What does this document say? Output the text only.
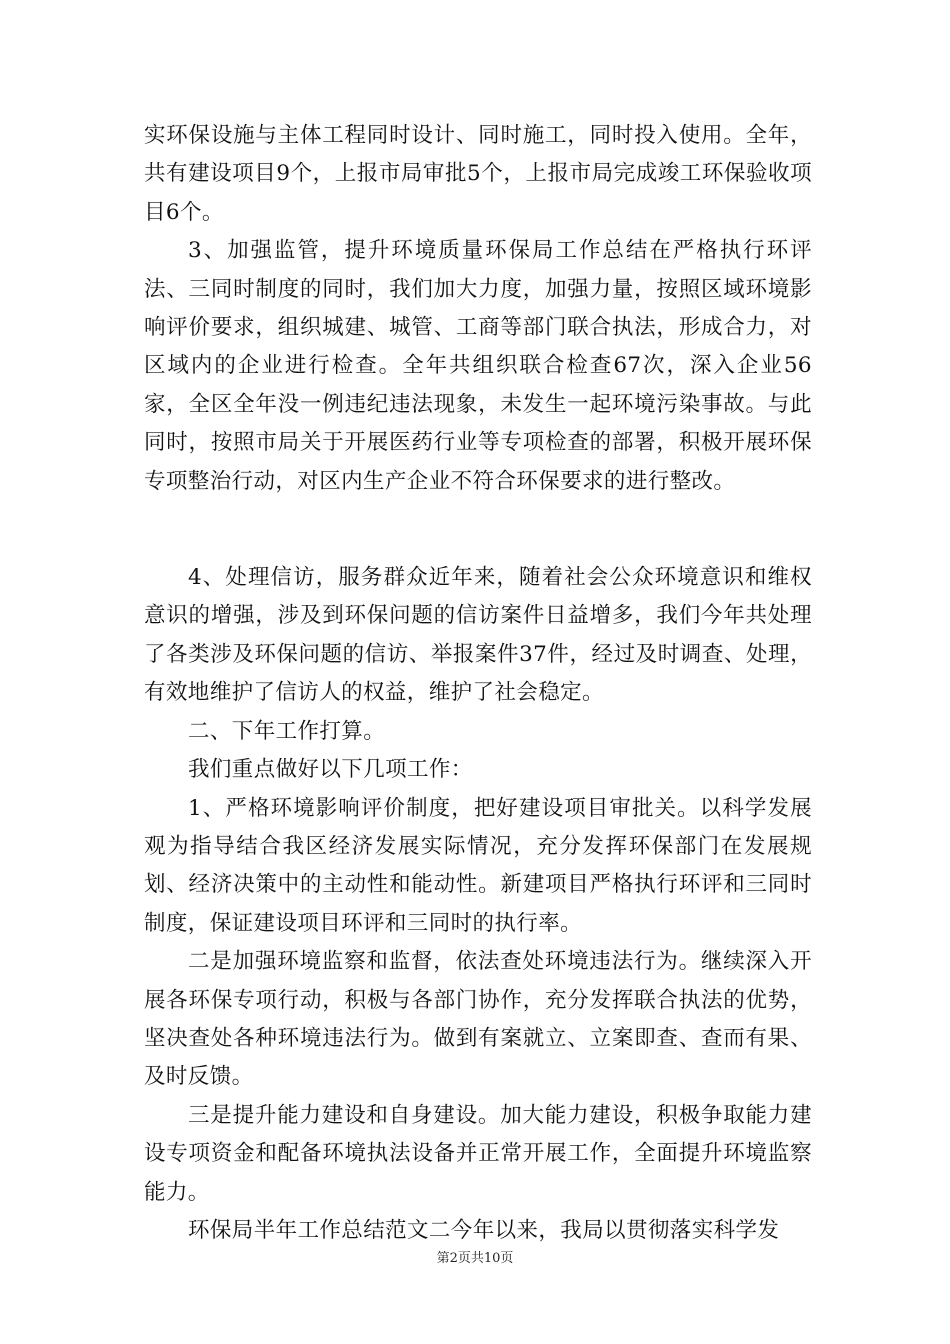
实环保设施与主体工程同时设计、同时施工，同时投入使用。全年，共有建设项目9个，上报市局审批5个，上报市局完成竣工环保验收项目6个。

3、加强监管，提升环境质量环保局工作总结在严格执行环评法、三同时制度的同时，我们加大力度，加强力量，按照区域环境影响评价要求，组织城建、城管、工商等部门联合执法，形成合力，对区域内的企业进行检查。全年共组织联合检查67次，深入企业56家，全区全年没一例违纪违法现象，未发生一起环境污染事故。与此同时，按照市局关于开展医药行业等专项检查的部署，积极开展环保专项整治行动，对区内生产企业不符合环保要求的进行整改。

4、处理信访，服务群众近年来，随着社会公众环境意识和维权意识的增强，涉及到环保问题的信访案件日益增多，我们今年共处理了各类涉及环保问题的信访、举报案件37件，经过及时调查、处理，有效地维护了信访人的权益，维护了社会稳定。

二、下年工作打算。

我们重点做好以下几项工作：

1、严格环境影响评价制度，把好建设项目审批关。以科学发展观为指导结合我区经济发展实际情况，充分发挥环保部门在发展规划、经济决策中的主动性和能动性。新建项目严格执行环评和三同时制度，保证建设项目环评和三同时的执行率。

二是加强环境监察和监督，依法查处环境违法行为。继续深入开展各环保专项行动，积极与各部门协作，充分发挥联合执法的优势，坚决查处各种环境违法行为。做到有案就立、立案即查、查而有果、及时反馈。

三是提升能力建设和自身建设。加大能力建设，积极争取能力建设专项资金和配备环境执法设备并正常开展工作，全面提升环境监察能力。

环保局半年工作总结范文二今年以来，我局以贯彻落实科学发

第2页共10页
